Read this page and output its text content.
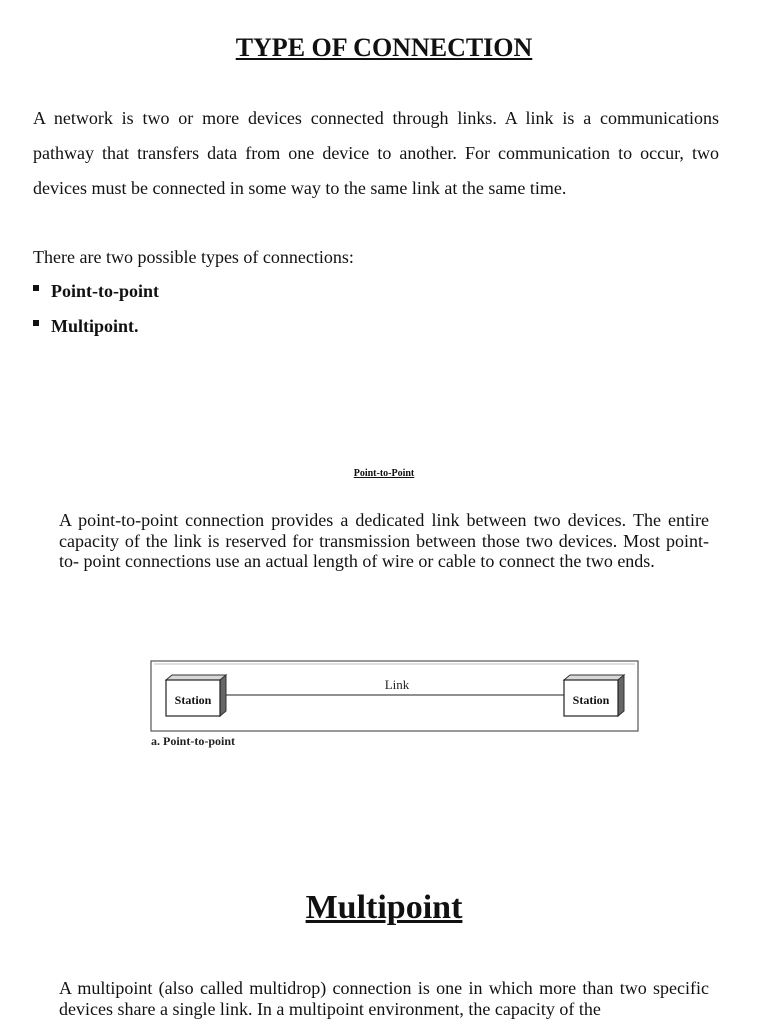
TYPE OF CONNECTION

A network is two or more devices connected through links. A link is a communications pathway that transfers data from one device to another. For communication to occur, two devices must be connected in some way to the same link at the same time.

There are two possible types of connections:

Point-to-point
Multipoint.
Point-to-Point

A point-to-point connection provides a dedicated link between two devices. The entire capacity of the link is reserved for transmission between those two devices. Most point-to- point connections use an actual length of wire or cable to connect the two ends.

Station
Link
Station
a. Point-to-point
Multipoint

A multipoint (also called multidrop) connection is one in which more than two specific devices share a single link. In a multipoint environment, the capacity of the
